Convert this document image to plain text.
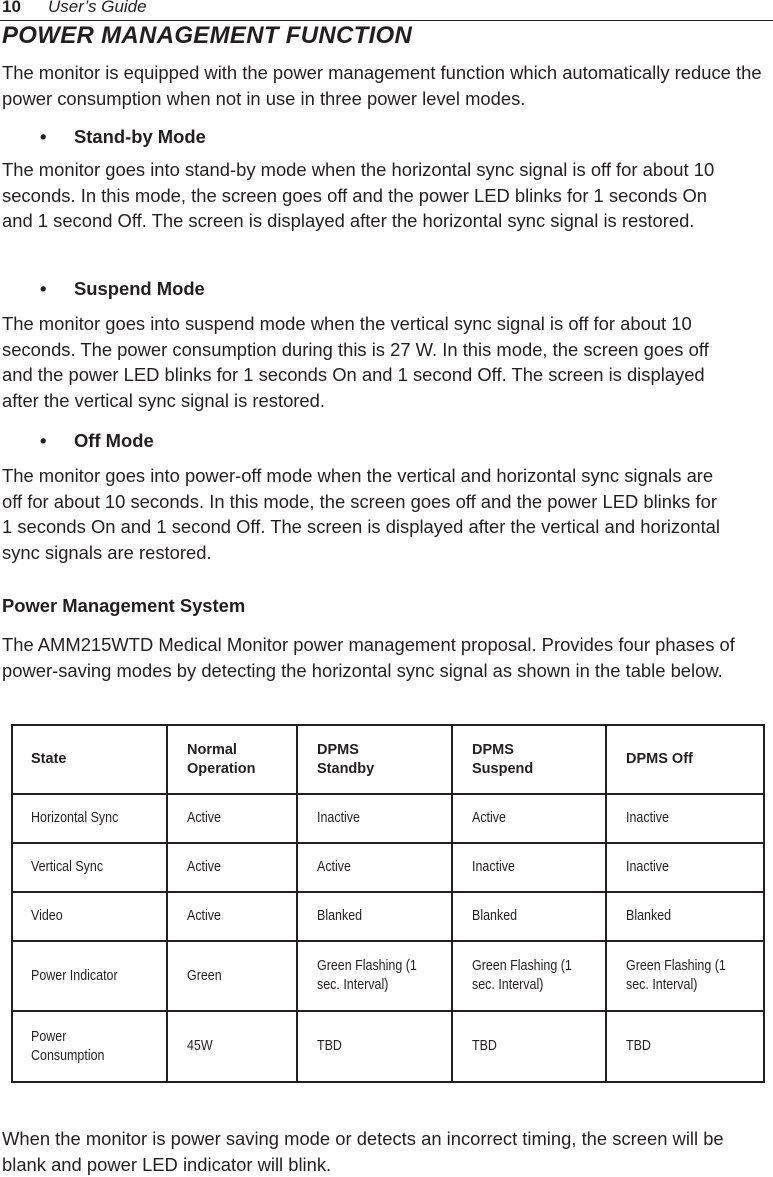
10 User’s Guide
POWER MANAGEMENT FUNCTION

The monitor is equipped with the power management function which automatically reduce the power consumption when not in use in three power level modes.

• Stand-by Mode

The monitor goes into stand-by mode when the horizontal sync signal is off for about 10 seconds. In this mode, the screen goes off and the power LED blinks for 1 seconds On and 1 second Off. The screen is displayed after the horizontal sync signal is restored.

• Suspend Mode

The monitor goes into suspend mode when the vertical sync signal is off for about 10 seconds. The power consumption during this is 27 W. In this mode, the screen goes off and the power LED blinks for 1 seconds On and 1 second Off. The screen is displayed after the vertical sync signal is restored.

• Off Mode

The monitor goes into power-off mode when the vertical and horizontal sync signals are off for about 10 seconds. In this mode, the screen goes off and the power LED blinks for 1 seconds On and 1 second Off. The screen is displayed after the vertical and horizontal sync signals are restored.

Power Management System

The AMM215WTD Medical Monitor power management proposal. Provides four phases of power-saving modes by detecting the horizontal sync signal as shown in the table below.

State	Normal Operation	DPMS Standby	DPMS Suspend	DPMS Off
Horizontal Sync	Active	Inactive	Active	Inactive
Vertical Sync	Active	Active	Inactive	Inactive
Video	Active	Blanked	Blanked	Blanked
Power Indicator	Green	Green Flashing (1 sec. Interval)	Green Flashing (1 sec. Interval)	Green Flashing (1 sec. Interval)

Power Consumption	45W	TBD	TBD	TBD

When the monitor is power saving mode or detects an incorrect timing, the screen will be blank and power LED indicator will blink.
